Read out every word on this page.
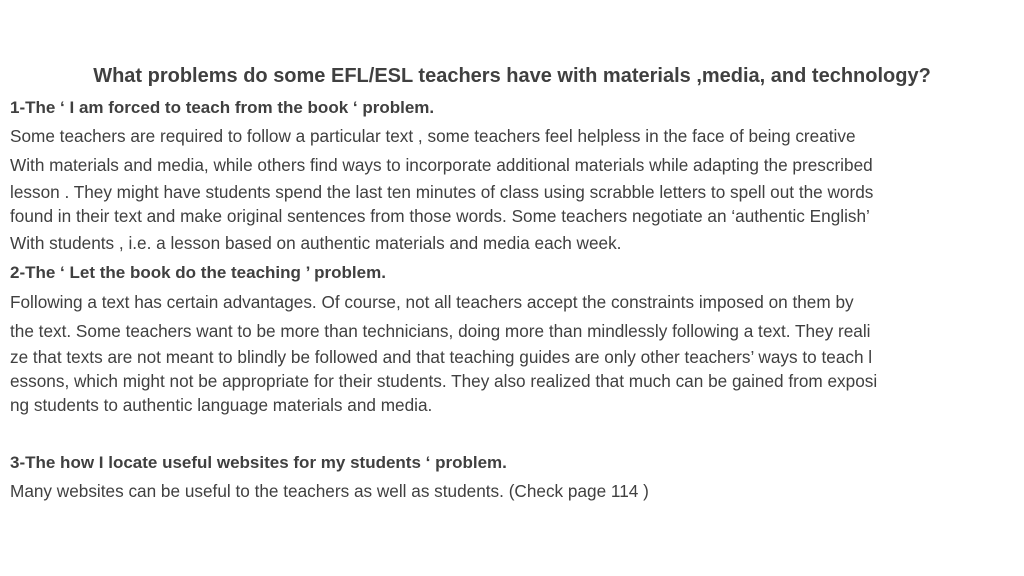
What problems do some EFL/ESL teachers have with materials ,media, and technology?
1-The ‘ I am forced to teach from the book ‘ problem.
Some teachers are required to follow a particular text , some teachers feel helpless in the face of being creative
With materials and media, while others find ways to incorporate additional materials while adapting the prescribed
lesson . They might have students spend the last ten minutes of class using scrabble letters to spell out the words
found in their text and make original sentences from those words. Some teachers negotiate an ‘authentic English’
With students , i.e. a lesson based on authentic materials and media each week.
2-The ‘ Let the book do the teaching ’ problem.
Following a text has certain advantages. Of course, not all teachers accept the constraints imposed on them by
the text. Some teachers want to be more than technicians, doing more than mindlessly following a text. They reali
ze that texts are not meant to blindly be followed and that teaching guides are only other teachers’ ways to teach l
essons, which might not be appropriate for their students. They also realized that much can be gained from exposi
ng students to authentic language materials and media.
3-The how I locate useful websites for my students ‘ problem.
Many websites can be useful to the teachers as well as students. (Check page 114 )
